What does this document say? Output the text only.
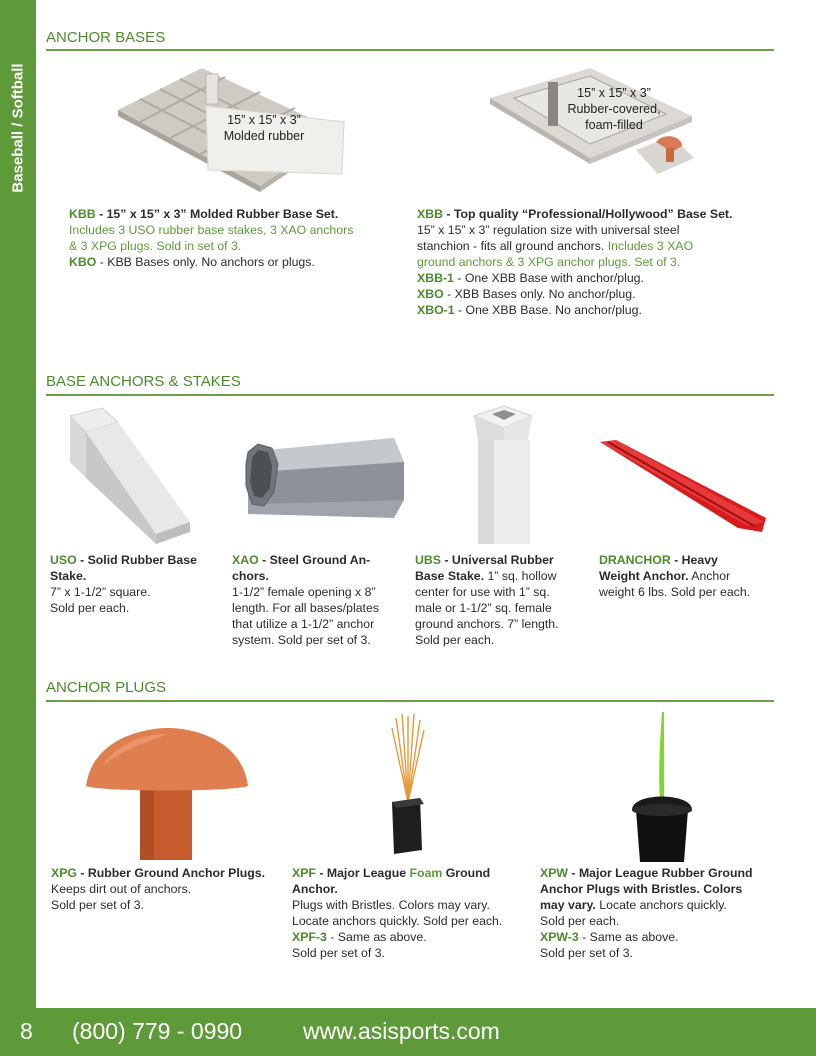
Baseball / Softball
ANCHOR BASES
15” x 15” x 3”
Molded rubber
15” x 15” x 3”
Rubber-covered,
foam-filled
KBB - 15” x 15” x 3” Molded Rubber Base Set.
Includes 3 USO rubber base stakes, 3 XAO anchors
& 3 XPG plugs. Sold in set of 3.
KBO - KBB Bases only. No anchors or plugs.
XBB - Top quality “Professional/Hollywood” Base Set.
15” x 15” x 3” regulation size with universal steel
stanchion - fits all ground anchors. Includes 3 XAO
ground anchors & 3 XPG anchor plugs. Set of 3.
XBB-1 - One XBB Base with anchor/plug.
XBO - XBB Bases only. No anchor/plug.
XBO-1 - One XBB Base. No anchor/plug.
BASE ANCHORS & STAKES
USO - Solid Rubber Base
Stake.
7” x 1-1/2” square.
Sold per each.
XAO - Steel Ground An-
chors.
1-1/2” female opening x 8”
length. For all bases/plates
that utilize a 1-1/2” anchor
system. Sold per set of 3.
UBS - Universal Rubber
Base Stake. 1” sq. hollow
center for use with 1” sq.
male or 1-1/2” sq. female
ground anchors. 7” length.
Sold per each.
DRANCHOR - Heavy
Weight Anchor. Anchor
weight 6 lbs. Sold per each.
ANCHOR PLUGS
XPG - Rubber Ground Anchor Plugs.
Keeps dirt out of anchors.
Sold per set of 3.
XPF - Major League Foam Ground
Anchor.
Plugs with Bristles. Colors may vary.
Locate anchors quickly. Sold per each.
XPF-3 - Same as above.
Sold per set of 3.
XPW - Major League Rubber Ground
Anchor Plugs with Bristles. Colors
may vary. Locate anchors quickly.
Sold per each.
XPW-3 - Same as above.
Sold per set of 3.
8 (800) 779 - 0990	www.asisports.com
